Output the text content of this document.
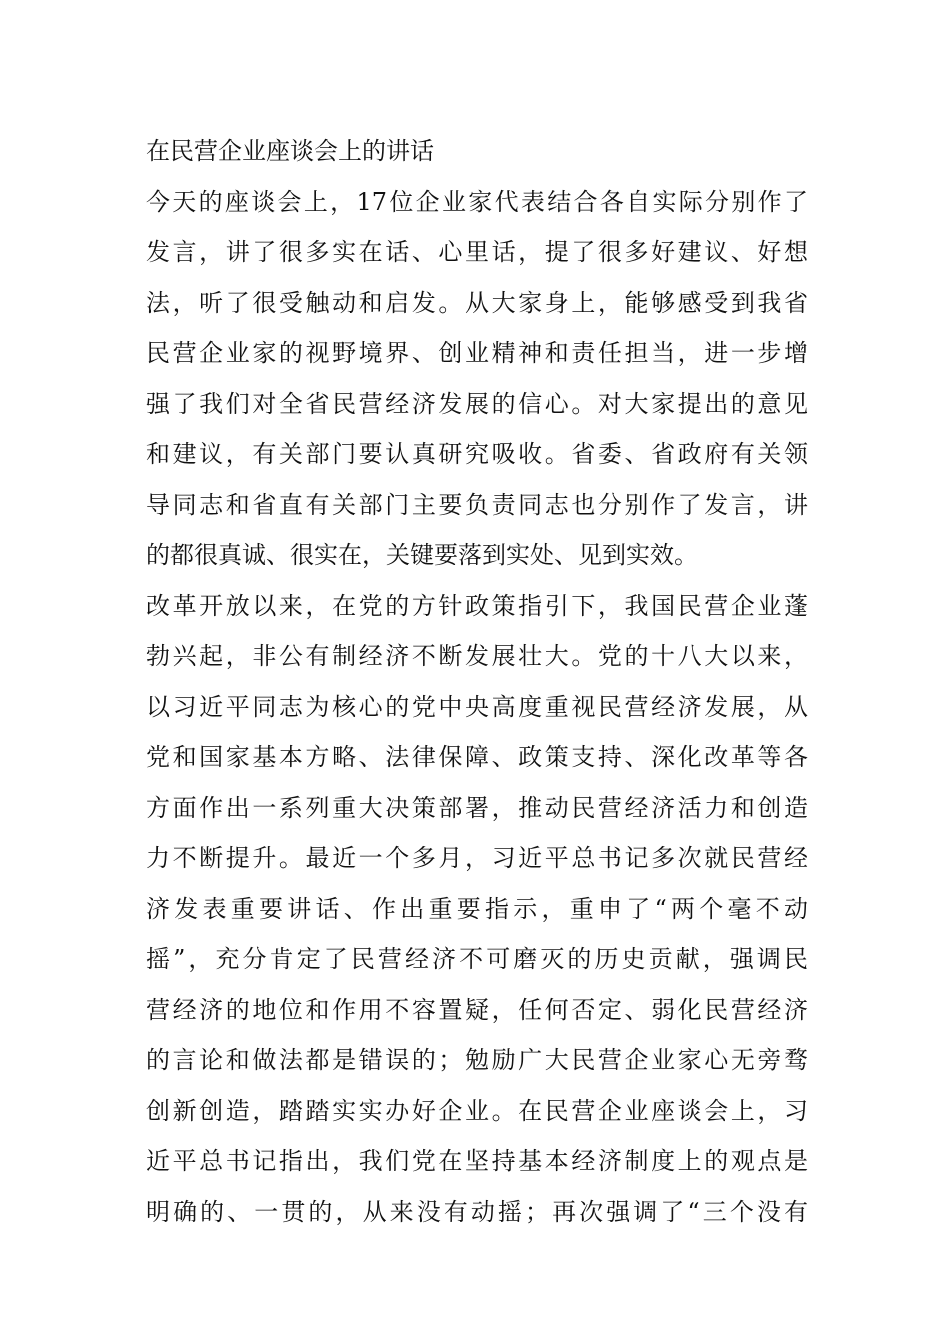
在民营企业座谈会上的讲话
今天的座谈会上，17位企业家代表结合各自实际分别作了
发言，讲了很多实在话、心里话，提了很多好建议、好想
法，听了很受触动和启发。从大家身上，能够感受到我省
民营企业家的视野境界、创业精神和责任担当，进一步增
强了我们对全省民营经济发展的信心。对大家提出的意见
和建议，有关部门要认真研究吸收。省委、省政府有关领
导同志和省直有关部门主要负责同志也分别作了发言，讲
的都很真诚、很实在，关键要落到实处、见到实效。
改革开放以来，在党的方针政策指引下，我国民营企业蓬
勃兴起，非公有制经济不断发展壮大。党的十八大以来，
以习近平同志为核心的党中央高度重视民营经济发展，从
党和国家基本方略、法律保障、政策支持、深化改革等各
方面作出一系列重大决策部署，推动民营经济活力和创造
力不断提升。最近一个多月，习近平总书记多次就民营经
济发表重要讲话、作出重要指示，重申了“两个毫不动
摇”，充分肯定了民营经济不可磨灭的历史贡献，强调民
营经济的地位和作用不容置疑，任何否定、弱化民营经济
的言论和做法都是错误的；勉励广大民营企业家心无旁骛
创新创造，踏踏实实办好企业。在民营企业座谈会上，习
近平总书记指出，我们党在坚持基本经济制度上的观点是
明确的、一贯的，从来没有动摇；再次强调了“三个没有
